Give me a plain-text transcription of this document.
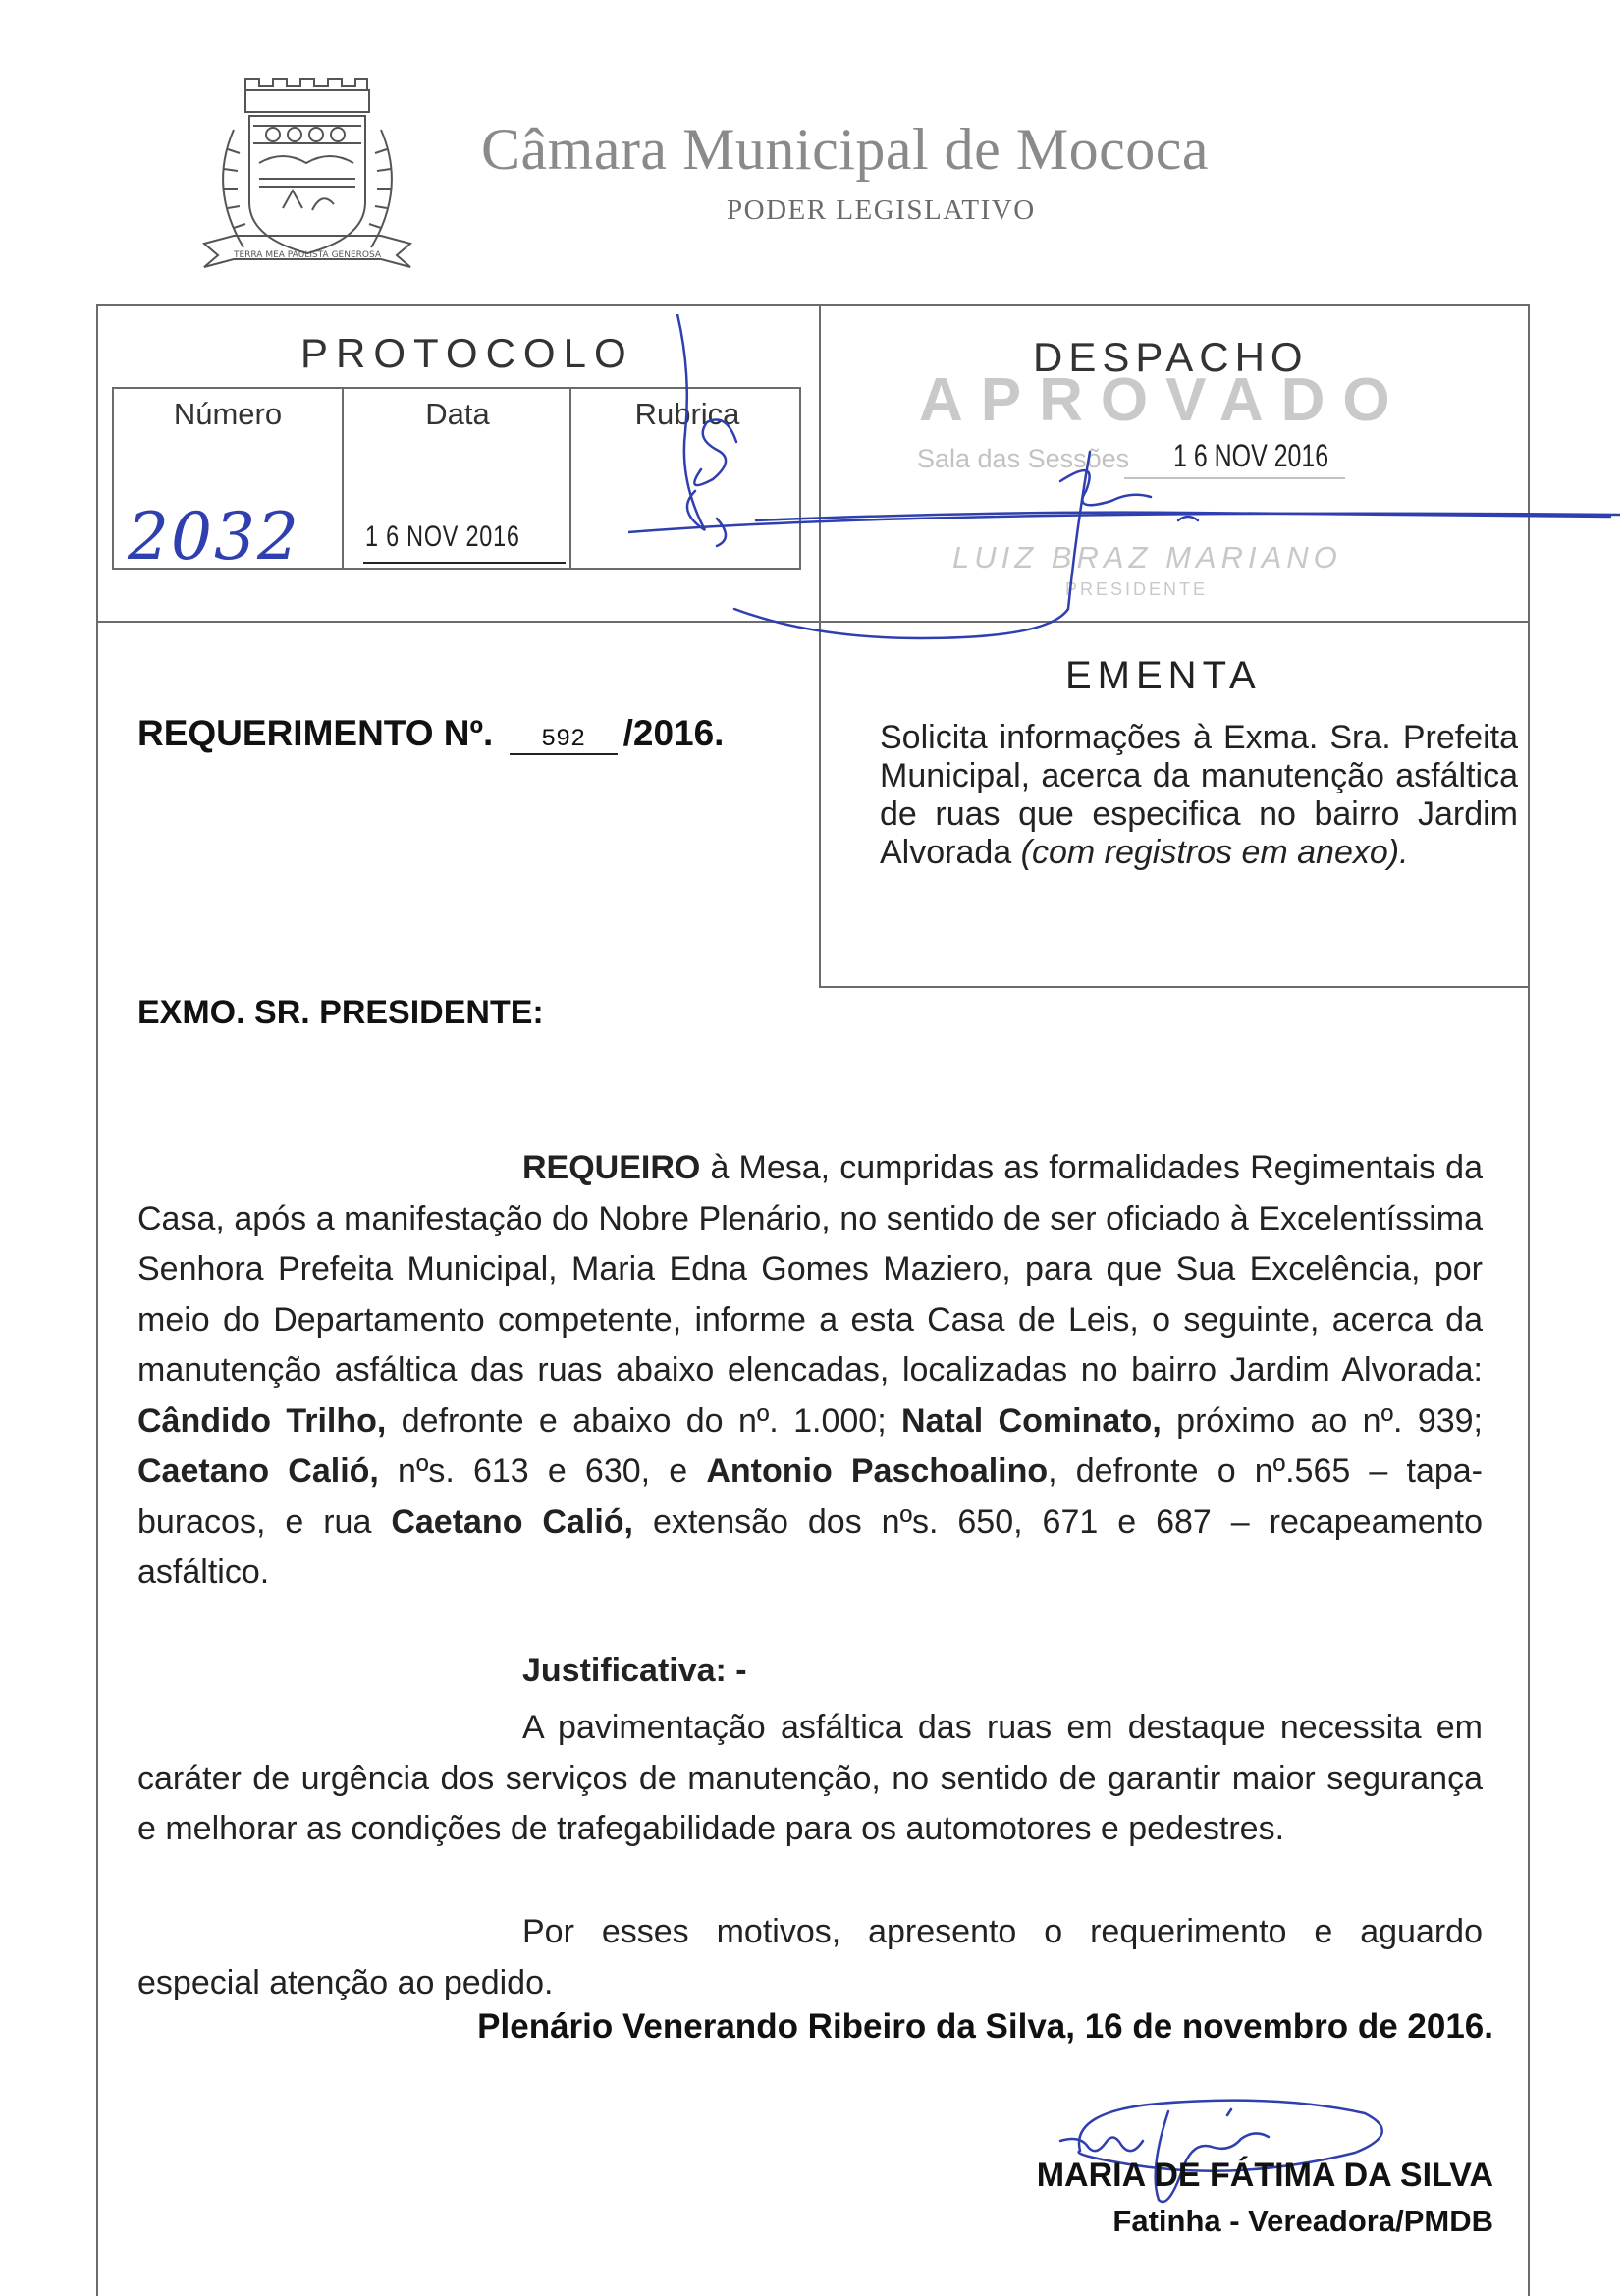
TERRA MEA PAULISTA GENEROSA
Câmara Municipal de Mococa
PODER LEGISLATIVO
PROTOCOLO
Número	Data	Rubrica
2032 1 6 NOV 2016
DESPACHO
APROVADO
Sala das Sessões 1 6 NOV 2016
LUIZ BRAZ MARIANO
PRESIDENTE
EMENTA
Solicita informações à Exma. Sra. Prefeita Municipal, acerca da manutenção asfáltica de ruas que especifica no bairro Jardim Alvorada (com registros em anexo).
REQUERIMENTO Nº. 592 /2016.
EXMO. SR. PRESIDENTE:
REQUEIRO à Mesa, cumpridas as formalidades Regimentais da Casa, após a manifestação do Nobre Plenário, no sentido de ser oficiado à Excelentíssima Senhora Prefeita Municipal, Maria Edna Gomes Maziero, para que Sua Excelência, por meio do Departamento competente, informe a esta Casa de Leis, o seguinte, acerca da manutenção asfáltica das ruas abaixo elencadas, localizadas no bairro Jardim Alvorada: Cândido Trilho, defronte e abaixo do nº. 1.000; Natal Cominato, próximo ao nº. 939; Caetano Calió, nºs. 613 e 630, e Antonio Paschoalino, defronte o nº.565 – tapa-buracos, e rua Caetano Calió, extensão dos nºs. 650, 671 e 687 – recapeamento asfáltico.
Justificativa: -
A pavimentação asfáltica das ruas em destaque necessita em caráter de urgência dos serviços de manutenção, no sentido de garantir maior segurança e melhorar as condições de trafegabilidade para os automotores e pedestres.
Por esses motivos, apresento o requerimento e aguardo especial atenção ao pedido.
Plenário Venerando Ribeiro da Silva, 16 de novembro de 2016.
MARIA DE FÁTIMA DA SILVA
Fatinha - Vereadora/PMDB
